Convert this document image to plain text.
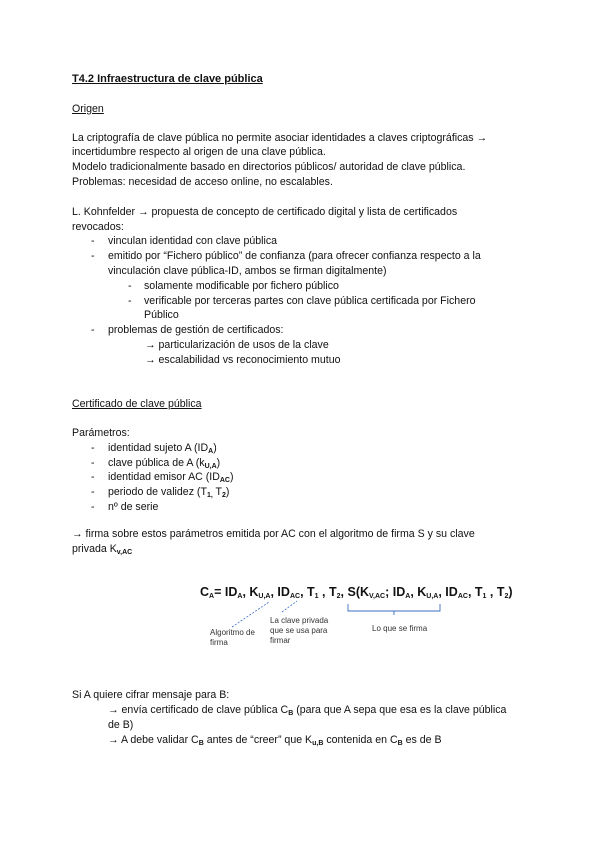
T4.2 Infraestructura de clave pública
Origen
La criptografía de clave pública no permite asociar identidades a claves criptográficas →
incertidumbre respecto al origen de una clave pública.
Modelo tradicionalmente basado en directorios públicos/ autoridad de clave pública.
Problemas: necesidad de acceso online, no escalables.
L. Kohnfelder → propuesta de concepto de certificado digital y lista de certificados
revocados:
- vinculan identidad con clave pública
- emitido por “Fichero público” de confianza (para ofrecer confianza respecto a la
vinculación clave pública-ID, ambos se firman digitalmente)
- solamente modificable por fichero público
- verificable por terceras partes con clave pública certificada por Fichero
Público
- problemas de gestión de certificados:
→ particularización de usos de la clave
→ escalabilidad vs reconocimiento mutuo
Certificado de clave pública
Parámetros:
- identidad sujeto A $(ID_A)$
- clave pública de A $(k_{U,A})$
- identidad emisor AC $(ID_{AC})$
- periodo de validez ($T_{1,}$ $T_2$)
- nº de serie
→ firma sobre estos parámetros emitida por AC con el algoritmo de firma S y su clave
privada $K_{v,AC}$
CA= IDA, KU,A, IDAC, T1 , T2, S(KV,AC; IDA, KU,A, IDAC, T1 , T2)
Algoritmo de
firma
La clave privada
que se usa para
firmar
Lo que se firma
Si A quiere cifrar mensaje para B:
→ envía certificado de clave pública $C_B$ (para que A sepa que esa es la clave pública
de B)
→ A debe validar $C_B$ antes de “creer” que $K_{u,B}$ contenida en $C_B$ es de B
